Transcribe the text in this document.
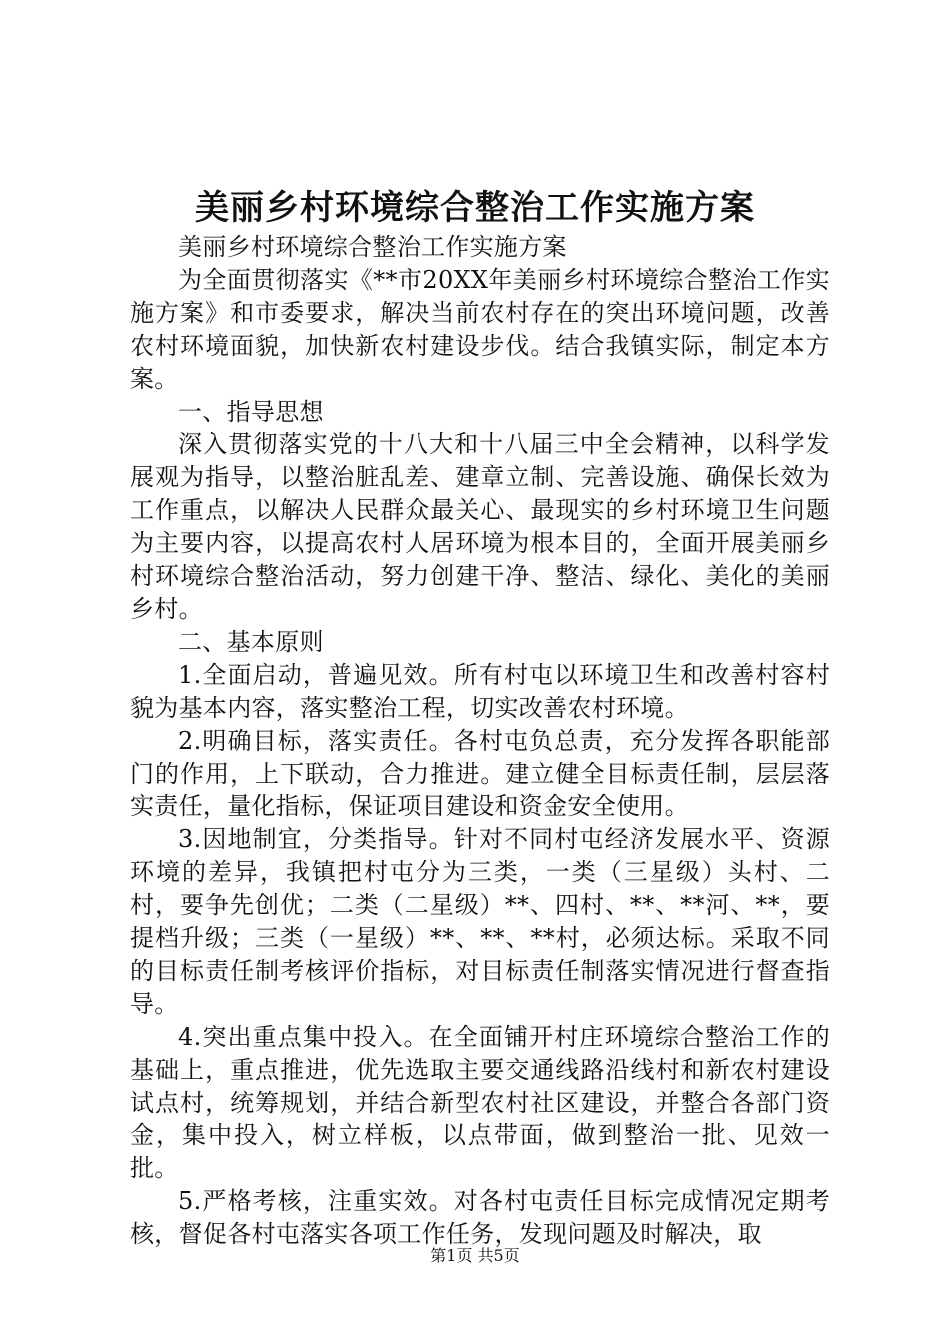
美丽乡村环境综合整治工作实施方案

美丽乡村环境综合整治工作实施方案

为全面贯彻落实《**市20XX年美丽乡村环境综合整治工作实施方案》和市委要求，解决当前农村存在的突出环境问题，改善农村环境面貌，加快新农村建设步伐。结合我镇实际，制定本方案。

一、指导思想

深入贯彻落实党的十八大和十八届三中全会精神，以科学发展观为指导，以整治脏乱差、建章立制、完善设施、确保长效为工作重点，以解决人民群众最关心、最现实的乡村环境卫生问题为主要内容，以提高农村人居环境为根本目的，全面开展美丽乡村环境综合整治活动，努力创建干净、整洁、绿化、美化的美丽乡村。

二、基本原则

1.全面启动，普遍见效。所有村屯以环境卫生和改善村容村貌为基本内容，落实整治工程，切实改善农村环境。

2.明确目标，落实责任。各村屯负总责，充分发挥各职能部门的作用，上下联动，合力推进。建立健全目标责任制，层层落实责任，量化指标，保证项目建设和资金安全使用。

3.因地制宜，分类指导。针对不同村屯经济发展水平、资源环境的差异，我镇把村屯分为三类，一类（三星级）头村、二村，要争先创优；二类（二星级）**、四村、**、**河、**，要提档升级；三类（一星级）**、**、**村，必须达标。采取不同的目标责任制考核评价指标，对目标责任制落实情况进行督查指导。

4.突出重点集中投入。在全面铺开村庄环境综合整治工作的基础上，重点推进，优先选取主要交通线路沿线村和新农村建设试点村，统筹规划，并结合新型农村社区建设，并整合各部门资金，集中投入，树立样板，以点带面，做到整治一批、见效一批。

5.严格考核，注重实效。对各村屯责任目标完成情况定期考核，督促各村屯落实各项工作任务，发现问题及时解决，取

第1页 共5页
